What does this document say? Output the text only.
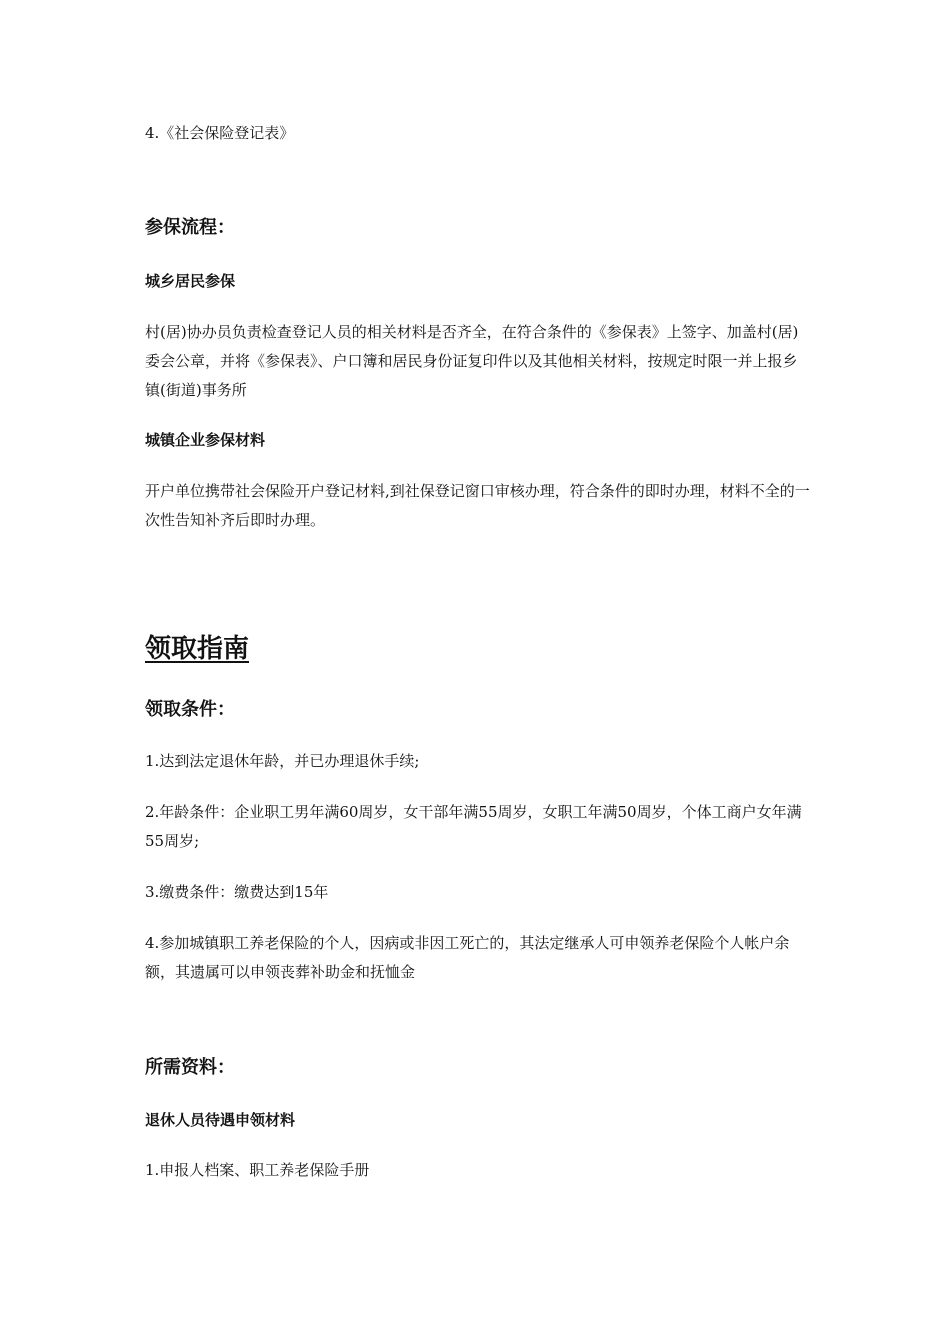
4.《社会保险登记表》

参保流程：
城乡居民参保

村(居)协办员负责检查登记人员的相关材料是否齐全，在符合条件的《参保表》上签字、加盖村(居)委会公章，并将《参保表》、户口簿和居民身份证复印件以及其他相关材料，按规定时限一并上报乡镇(街道)事务所

城镇企业参保材料

开户单位携带社会保险开户登记材料,到社保登记窗口审核办理，符合条件的即时办理，材料不全的一次性告知补齐后即时办理。

领取指南
领取条件：

1.达到法定退休年龄，并已办理退休手续;

2.年龄条件：企业职工男年满60周岁，女干部年满55周岁，女职工年满50周岁，个体工商户女年满55周岁;

3.缴费条件：缴费达到15年

4.参加城镇职工养老保险的个人，因病或非因工死亡的，其法定继承人可申领养老保险个人帐户余额，其遗属可以申领丧葬补助金和抚恤金

所需资料：
退休人员待遇申领材料

1.申报人档案、职工养老保险手册
